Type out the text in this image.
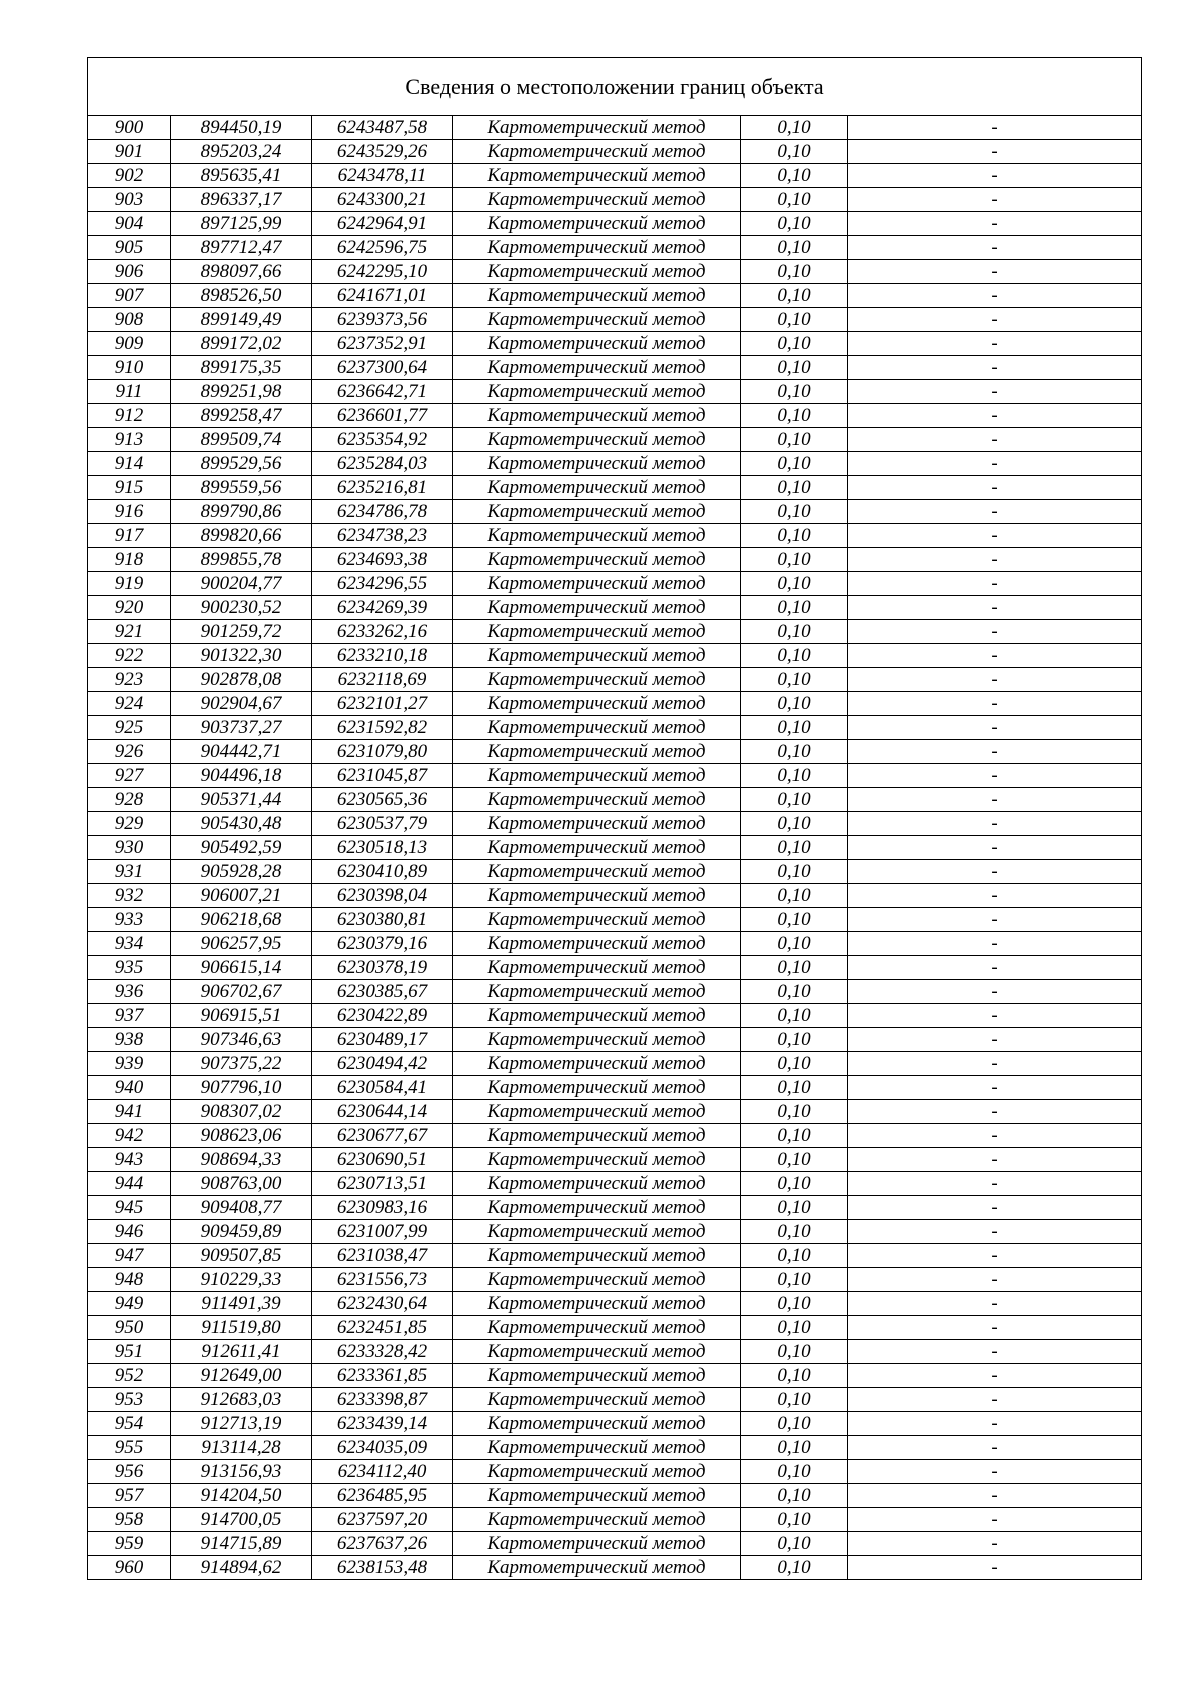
Сведения о местоположении границ объекта					
900	894450,19	6243487,58	Картометрический метод	0,10	-
901	895203,24	6243529,26	Картометрический метод	0,10	-
902	895635,41	6243478,11	Картометрический метод	0,10	-
903	896337,17	6243300,21	Картометрический метод	0,10	-
904	897125,99	6242964,91	Картометрический метод	0,10	-
905	897712,47	6242596,75	Картометрический метод	0,10	-
906	898097,66	6242295,10	Картометрический метод	0,10	-
907	898526,50	6241671,01	Картометрический метод	0,10	-
908	899149,49	6239373,56	Картометрический метод	0,10	-
909	899172,02	6237352,91	Картометрический метод	0,10	-
910	899175,35	6237300,64	Картометрический метод	0,10	-
911	899251,98	6236642,71	Картометрический метод	0,10	-
912	899258,47	6236601,77	Картометрический метод	0,10	-
913	899509,74	6235354,92	Картометрический метод	0,10	-
914	899529,56	6235284,03	Картометрический метод	0,10	-
915	899559,56	6235216,81	Картометрический метод	0,10	-
916	899790,86	6234786,78	Картометрический метод	0,10	-
917	899820,66	6234738,23	Картометрический метод	0,10	-
918	899855,78	6234693,38	Картометрический метод	0,10	-
919	900204,77	6234296,55	Картометрический метод	0,10	-
920	900230,52	6234269,39	Картометрический метод	0,10	-
921	901259,72	6233262,16	Картометрический метод	0,10	-
922	901322,30	6233210,18	Картометрический метод	0,10	-
923	902878,08	6232118,69	Картометрический метод	0,10	-
924	902904,67	6232101,27	Картометрический метод	0,10	-
925	903737,27	6231592,82	Картометрический метод	0,10	-
926	904442,71	6231079,80	Картометрический метод	0,10	-
927	904496,18	6231045,87	Картометрический метод	0,10	-
928	905371,44	6230565,36	Картометрический метод	0,10	-
929	905430,48	6230537,79	Картометрический метод	0,10	-
930	905492,59	6230518,13	Картометрический метод	0,10	-
931	905928,28	6230410,89	Картометрический метод	0,10	-
932	906007,21	6230398,04	Картометрический метод	0,10	-
933	906218,68	6230380,81	Картометрический метод	0,10	-
934	906257,95	6230379,16	Картометрический метод	0,10	-
935	906615,14	6230378,19	Картометрический метод	0,10	-
936	906702,67	6230385,67	Картометрический метод	0,10	-
937	906915,51	6230422,89	Картометрический метод	0,10	-
938	907346,63	6230489,17	Картометрический метод	0,10	-
939	907375,22	6230494,42	Картометрический метод	0,10	-
940	907796,10	6230584,41	Картометрический метод	0,10	-
941	908307,02	6230644,14	Картометрический метод	0,10	-
942	908623,06	6230677,67	Картометрический метод	0,10	-
943	908694,33	6230690,51	Картометрический метод	0,10	-
944	908763,00	6230713,51	Картометрический метод	0,10	-
945	909408,77	6230983,16	Картометрический метод	0,10	-
946	909459,89	6231007,99	Картометрический метод	0,10	-
947	909507,85	6231038,47	Картометрический метод	0,10	-
948	910229,33	6231556,73	Картометрический метод	0,10	-
949	911491,39	6232430,64	Картометрический метод	0,10	-
950	911519,80	6232451,85	Картометрический метод	0,10	-
951	912611,41	6233328,42	Картометрический метод	0,10	-
952	912649,00	6233361,85	Картометрический метод	0,10	-
953	912683,03	6233398,87	Картометрический метод	0,10	-
954	912713,19	6233439,14	Картометрический метод	0,10	-
955	913114,28	6234035,09	Картометрический метод	0,10	-
956	913156,93	6234112,40	Картометрический метод	0,10	-
957	914204,50	6236485,95	Картометрический метод	0,10	-
958	914700,05	6237597,20	Картометрический метод	0,10	-
959	914715,89	6237637,26	Картометрический метод	0,10	-
960	914894,62	6238153,48	Картометрический метод	0,10	-
